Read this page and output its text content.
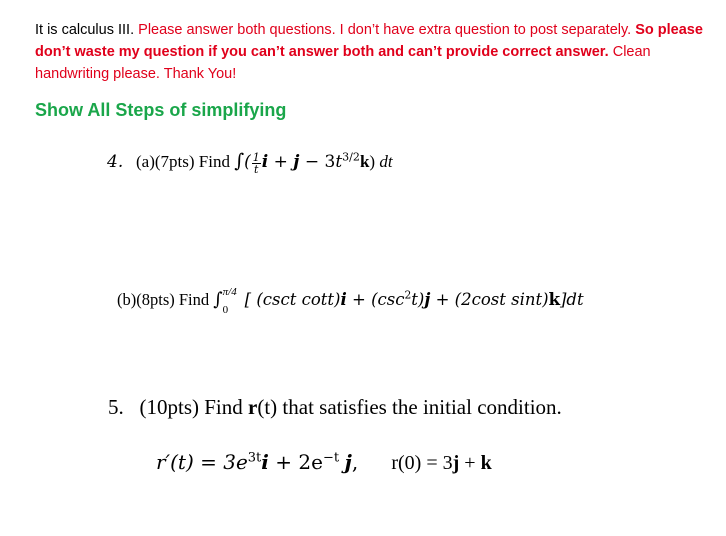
It is calculus III. Please answer both questions. I don’t have extra question to post separately. So please don’t waste my question if you can’t answer both and can’t provide correct answer. Clean handwriting please. Thank You!
Show All Steps of simplifying
4. (a)(7pts) Find ∫( $\frac{1}{t}$ $i + j - 3t^{3/2}k$) dt
(b)(8pts) Find ∫ π/4
0
[ (csct $\cot t)i + (\csc^2t)j + (2\cos t$ sint)k]dt
5. (10pts) Find r(t) that satisfies the initial condition.
$r'(t) = 3e^{3t}i + 2e^{-t}$ j, r(0) = 3j + k
